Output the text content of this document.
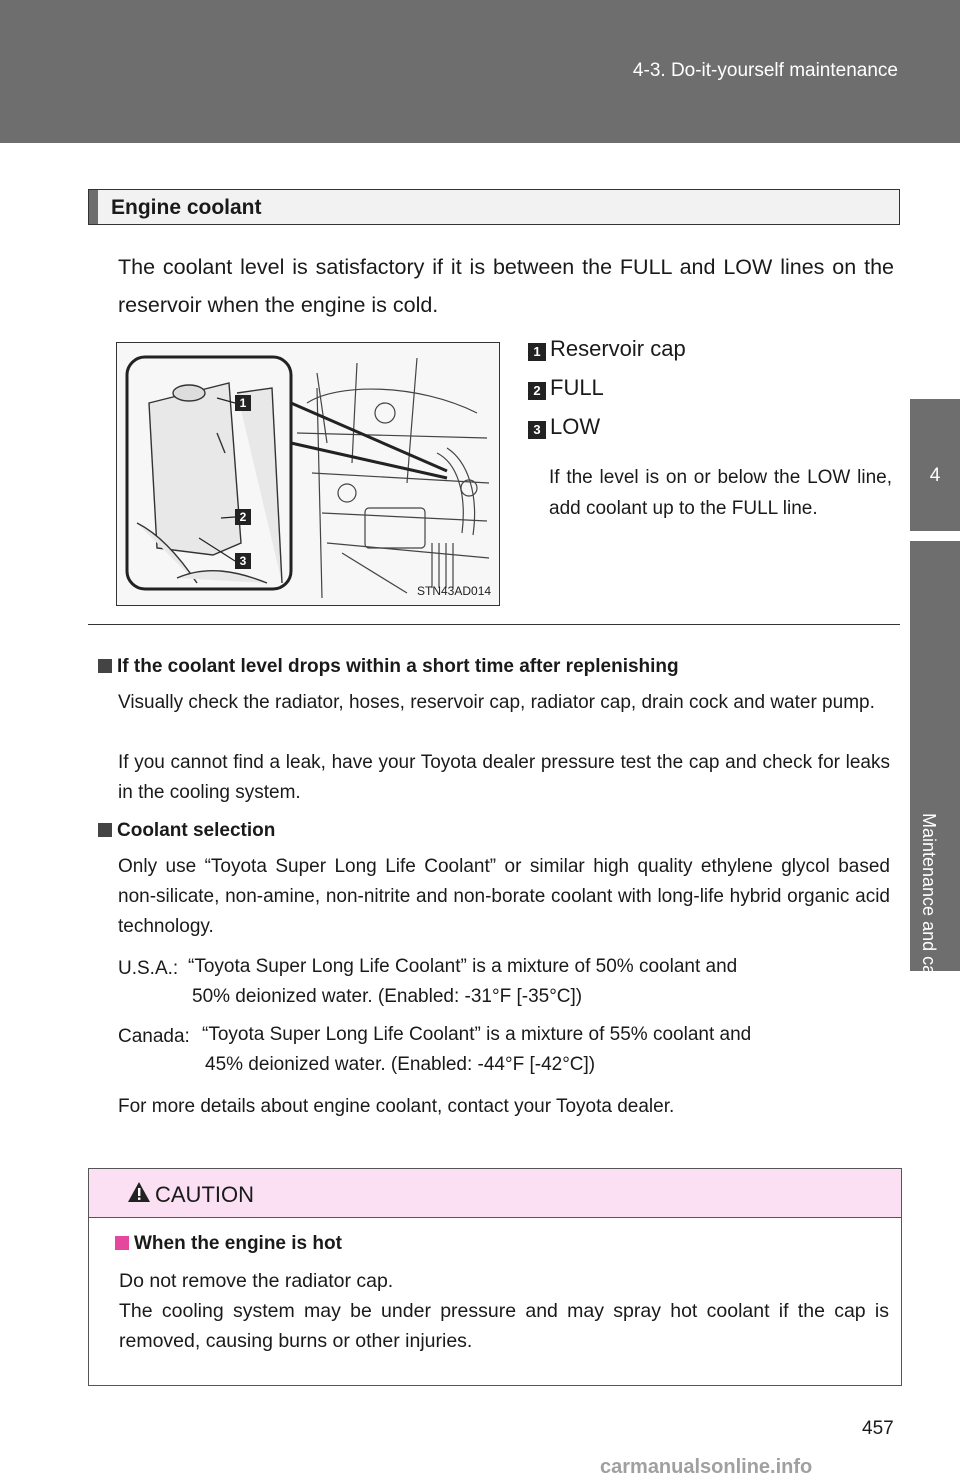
4-3. Do-it-yourself maintenance
4
Maintenance and care
Engine coolant
The coolant level is satisfactory if it is between the FULL and LOW lines on the reservoir when the engine is cold.
1
2
3
STN43AD014
1 Reservoir cap
2 FULL
3 LOW
If the level is on or below the LOW line, add coolant up to the FULL line.
If the coolant level drops within a short time after replenishing
Visually check the radiator, hoses, reservoir cap, radiator cap, drain cock and water pump.
If you cannot find a leak, have your Toyota dealer pressure test the cap and check for leaks in the cooling system.
Coolant selection
Only use “Toyota Super Long Life Coolant” or similar high quality ethylene glycol based non-silicate, non-amine, non-nitrite and non-borate coolant with long-life hybrid organic acid technology.
U.S.A.: “Toyota Super Long Life Coolant” is a mixture of 50% coolant and
50% deionized water. (Enabled: -31°F [-35°C])
Canada: “Toyota Super Long Life Coolant” is a mixture of 55% coolant and
45% deionized water. (Enabled: -44°F [-42°C])
For more details about engine coolant, contact your Toyota dealer.
CAUTION
When the engine is hot
Do not remove the radiator cap.
The cooling system may be under pressure and may spray hot coolant if the cap is removed, causing burns or other injuries.
457
carmanualsonline.info
